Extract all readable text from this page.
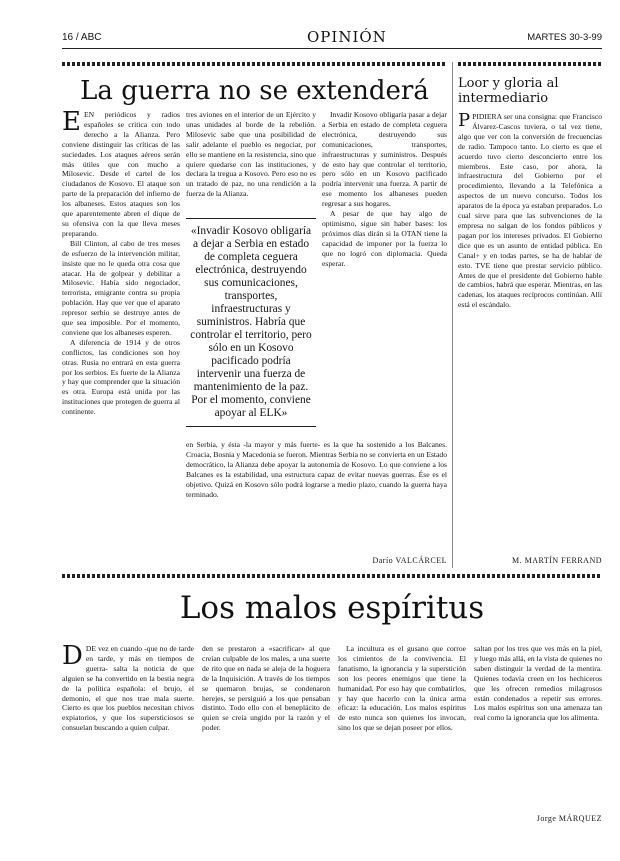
16 / ABC	OPINIÓN	MARTES 30-3-99
La guerra no se extenderá

EEN periódicos y radios españoles se critica con todo derecho a la Alianza. Pero conviene distinguir las críticas de las suciedades. Los ataques aéreos serán más útiles que con mucho a Milosevic. Desde el cartel de los ciudadanos de Kosovo. El ataque son parte de la preparación del infierno de los albaneses. Estos ataques son los que aparentemente abren el dique de su ofensiva con la que lleva meses preparando.

Bill Clinton, al cabo de tres meses de esfuerzo de la intervención militar, insiste que no le queda otra cosa que atacar. Ha de golpear y debilitar a Milosevic. Había sido negociador, terrorista, emigrante contra su propia población. Hay que ver que el aparato represor serbio se destruye antes de que sea imposible. Por el momento, conviene que los albaneses esperen.

A diferencia de 1914 y de otros conflictos, las condiciones son hoy otras. Rusia no entrará en esta guerra por los serbios. Es fuerte de la Alianza y hay que comprender que la situación es otra. Europa está unida por las instituciones que protegen de guerra al continente.

tres aviones en el interior de un Ejército y unas unidades al borde de la rebelión. Milosevic sabe que una posibilidad de salir adelante el pueblo es negociar, por ello se mantiene en la resistencia, sino que quiere quedarse con las instituciones, y declara la tregua a Kosovo. Pero eso no es un tratado de paz, no una rendición a la fuerza de la Alianza.

«Invadir Kosovo obligaría a dejar a Serbia en estado de completa ceguera electrónica, destruyendo sus comunicaciones, transportes, infraestructuras y suministros. Habría que controlar el territorio, pero sólo en un Kosovo pacificado podría intervenir una fuerza de mantenimiento de la paz. Por el momento, conviene apoyar al ELK»

Invadir Kosovo obligaría pasar a dejar a Serbia en estado de completa ceguera electrónica, destruyendo sus comunicaciones, transportes, infraestructuras y suministros. Después de esto hay que controlar el territorio, pero sólo en un Kosovo pacificado podría intervenir una fuerza. A partir de ese momento los albaneses pueden regresar a sus hogares.

A pesar de que hay algo de optimismo, sigue sin haber bases: los próximos días dirán si la OTAN tiene la capacidad de imponer por la fuerza lo que no logró con diplomacia. Queda esperar.

en Serbia, y ésta -la mayor y más fuerte- es la que ha sostenido a los Balcanes. Croacia, Bosnia y Macedonia se fueron. Mientras Serbia no se convierta en un Estado democrático, la Alianza debe apoyar la autonomía de Kosovo. Lo que conviene a los Balcanes es la estabilidad, una estructura capaz de evitar nuevas guerras. Ése es el objetivo. Quizá en Kosovo sólo podrá lograrse a medio plazo, cuando la guerra haya terminado.

Darío VALCÁRCEL
Loor y gloria al intermediario

PPIDIERA ser una consigna: que Francisco Álvarez-Cascos tuviera, o tal vez tiene, algo que ver con la conversión de frecuencias de radio. Tampoco tanto. Lo cierto es que el acuerdo tuvo cierto desconcierto entre los miembros. Este caso, por ahora, la infraestructura del Gobierno por el procedimiento, llevando a la Telefónica a aspectos de un nuevo concurso. Todos los aparatos de la época ya estaban preparados. Lo cual sirve para que las subvenciones de la empresa no salgan de los fondos públicos y pagan por los intereses privados. El Gobierno dice que es un asunto de entidad pública. En Canal+ y en todas partes, se ha de hablar de esto. TVE tiene que prestar servicio público. Antes de que el presidente del Gobierno hable de cambios, habrá que esperar. Mientras, en las cadenas, los ataques recíprocos continúan. Allí está el escándalo.

M. MARTÍN FERRAND
Los malos espíritus

DDE vez en cuando -que no de tarde en tarde, y más en tiempos de guerra- salta la noticia de que alguien se ha convertido en la bestia negra de la política española: el brujo, el demonio, el que nos trae mala suerte. Cierto es que los pueblos necesitan chivos expiatorios, y que los supersticiosos se consuelan buscando a quien culpar.

den se prestaron a «sacrificar» al que creían culpable de los males, a una suerte de rito que en nada se aleja de la hoguera de la Inquisición. A través de los tiempos se quemaron brujas, se condenaron herejes, se persiguió a los que pensaban distinto. Todo ello con el beneplácito de quien se creía ungido por la razón y el poder.

La incultura es el gusano que corroe los cimientos de la convivencia. El fanatismo, la ignorancia y la superstición son los peores enemigos que tiene la humanidad. Por eso hay que combatirlos, y hay que hacerlo con la única arma eficaz: la educación. Los malos espíritus de esto nunca son quienes los invocan, sino los que se dejan poseer por ellos.

saltan por los tres que ves más en la piel, y luego más allá, en la vista de quienes no saben distinguir la verdad de la mentira. Quienes todavía creen en los hechiceros que les ofrecen remedios milagrosos están condenados a repetir sus errores. Los malos espíritus son una amenaza tan real como la ignorancia que los alimenta.

Jorge MÁRQUEZ
